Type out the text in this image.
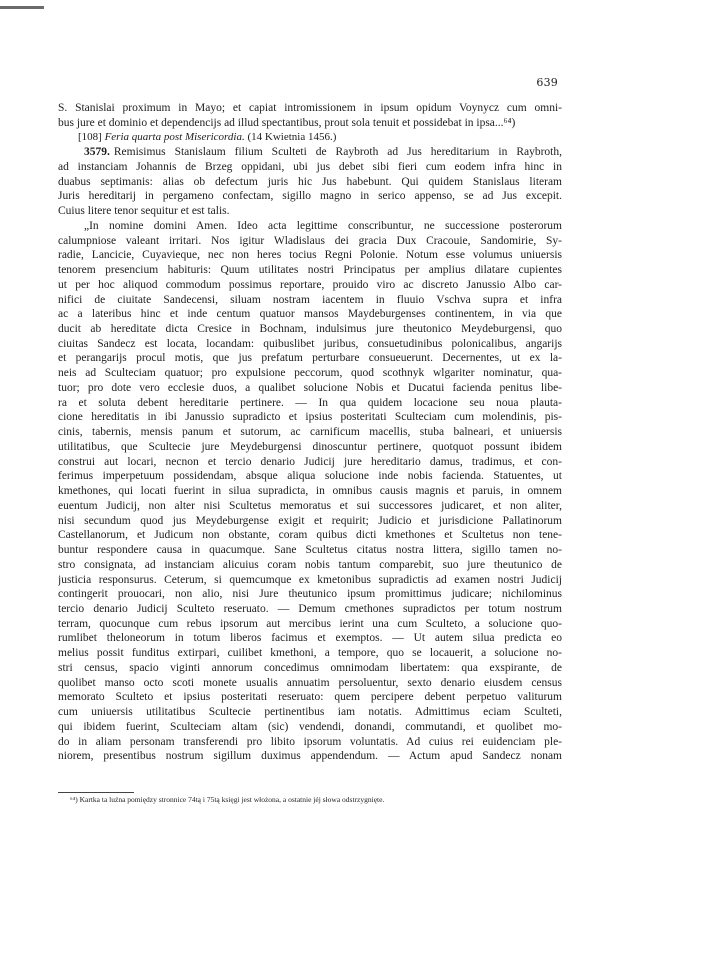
639
S. Stanislai proximum in Mayo; et capiat intromissionem in ipsum opidum Voynycz cum omni-
bus jure et dominio et dependencijs ad illud spectantibus, prout sola tenuit et possidebat in ipsa...⁶⁴)
[108] Feria quarta post Misericordia. (14 Kwietnia 1456.)
3579. Remisimus Stanislaum filium Sculteti de Raybroth ad Jus hereditarium in Raybroth,
ad instanciam Johannis de Brzeg oppidani, ubi jus debet sibi fieri cum eodem infra hinc in
duabus septimanis: alias ob defectum juris hic Jus habebunt. Qui quidem Stanislaus literam
Juris hereditarij in pergameno confectam, sigillo magno in serico appenso, se ad Jus excepit.
Cuius litere tenor sequitur et est talis.
„In nomine domini Amen. Ideo acta legittime conscribuntur, ne successione posterorum
calumpniose valeant irritari. Nos igitur Wladislaus dei gracia Dux Cracouie, Sandomirie, Sy-
radie, Lancicie, Cuyavieque, nec non heres tocius Regni Polonie. Notum esse volumus uniuersis
tenorem presencium habituris: Quum utilitates nostri Principatus per amplius dilatare cupientes
ut per hoc aliquod commodum possimus reportare, prouido viro ac discreto Janussio Albo car-
nifici de ciuitate Sandecensi, siluam nostram iacentem in fluuio Vschva supra et infra
ac a lateribus hinc et inde centum quatuor mansos Maydeburgenses continentem, in via que
ducit ab hereditate dicta Cresice in Bochnam, indulsimus jure theutonico Meydeburgensi, quo
ciuitas Sandecz est locata, locandam: quibuslibet juribus, consuetudinibus polonicalibus, angarijs
et perangarijs procul motis, que jus prefatum perturbare consueuerunt. Decernentes, ut ex la-
neis ad Sculteciam quatuor; pro expulsione peccorum, quod scothnyk wlgariter nominatur, qua-
tuor; pro dote vero ecclesie duos, a qualibet solucione Nobis et Ducatui facienda penitus libe-
ra et soluta debent hereditarie pertinere. — In qua quidem locacione seu noua plauta-
cione hereditatis in ibi Janussio supradicto et ipsius posteritati Sculteciam cum molendinis, pis-
cinis, tabernis, mensis panum et sutorum, ac carnificum macellis, stuba balneari, et uniuersis
utilitatibus, que Scultecie jure Meydeburgensi dinoscuntur pertinere, quotquot possunt ibidem
construi aut locari, necnon et tercio denario Judicij jure hereditario damus, tradimus, et con-
ferimus imperpetuum possidendam, absque aliqua solucione inde nobis facienda. Statuentes, ut
kmethones, qui locati fuerint in silua supradicta, in omnibus causis magnis et paruis, in omnem
euentum Judicij, non alter nisi Scultetus memoratus et sui successores judicaret, et non aliter,
nisi secundum quod jus Meydeburgense exigit et requirit; Judicio et jurisdicione Pallatinorum
Castellanorum, et Judicum non obstante, coram quibus dicti kmethones et Scultetus non tene-
buntur respondere causa in quacumque. Sane Scultetus citatus nostra littera, sigillo tamen no-
stro consignata, ad instanciam alicuius coram nobis tantum comparebit, suo jure theutunico de
justicia responsurus. Ceterum, si quemcumque ex kmetonibus supradictis ad examen nostri Judicij
contingerit prouocari, non alio, nisi Jure theutunico ipsum promittimus judicare; nichilominus
tercio denario Judicij Sculteto reseruato. — Demum cmethones supradictos per totum nostrum
terram, quocunque cum rebus ipsorum aut mercibus ierint una cum Sculteto, a solucione quo-
rumlibet theloneorum in totum liberos facimus et exemptos. — Ut autem silua predicta eo
melius possit funditus extirpari, cuilibet kmethoni, a tempore, quo se locauerit, a solucione no-
stri census, spacio viginti annorum concedimus omnimodam libertatem: qua exspirante, de
quolibet manso octo scoti monete usualis annuatim persoluentur, sexto denario eiusdem census
memorato Sculteto et ipsius posteritati reseruato: quem percipere debent perpetuo valiturum
cum uniuersis utilitatibus Scultecie pertinentibus iam notatis. Admittimus eciam Sculteti,
qui ibidem fuerint, Sculteciam altam (sic) vendendi, donandi, commutandi, et quolibet mo-
do in aliam personam transferendi pro libito ipsorum voluntatis. Ad cuius rei euidenciam ple-
niorem, presentibus nostrum sigillum duximus appendendum. — Actum apud Sandecz nonam
⁶⁴) Kartka ta luźna pomiędzy stronnice 74tą i 75tą księgi jest włożona, a ostatnie jéj słowa odstrzygnięte.
